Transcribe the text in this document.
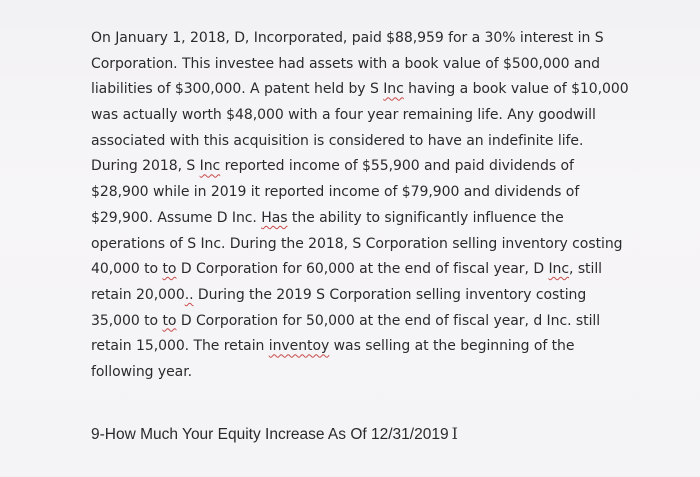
On January 1, 2018, D, Incorporated, paid $88,959 for a 30% interest in S
Corporation. This investee had assets with a book value of $500,000 and
liabilities of $300,000. A patent held by S Inc having a book value of $10,000
was actually worth $48,000 with a four year remaining life. Any goodwill
associated with this acquisition is considered to have an indefinite life.
During 2018, S Inc reported income of $55,900 and paid dividends of
$28,900 while in 2019 it reported income of $79,900 and dividends of
$29,900. Assume D Inc. Has the ability to significantly influence the
operations of S Inc. During the 2018, S Corporation selling inventory costing
40,000 to to D Corporation for 60,000 at the end of fiscal year, D Inc, still
retain 20,000.. During the 2019 S Corporation selling inventory costing
35,000 to to D Corporation for 50,000 at the end of fiscal year, d Inc. still
retain 15,000. The retain inventoy was selling at the beginning of the
following year.
9-How Much Your Equity Increase As Of 12/31/2019 I
